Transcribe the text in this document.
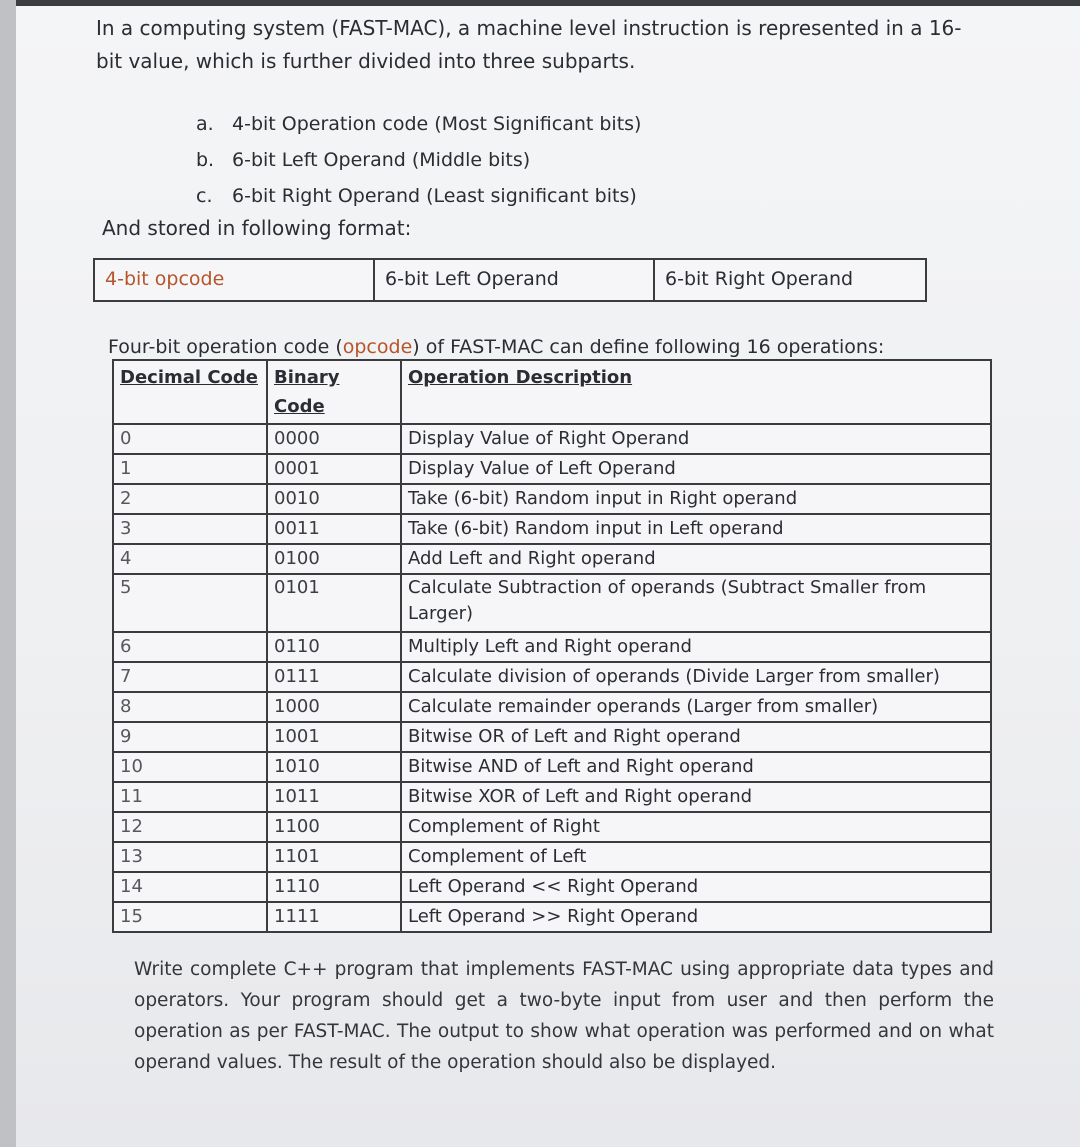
In a computing system (FAST-MAC), a machine level instruction is represented in a 16-bit value, which is further divided into three subparts.
a. 4-bit Operation code (Most Significant bits)
b. 6-bit Left Operand (Middle bits)
c. 6-bit Right Operand (Least significant bits)
And stored in following format:
4-bit opcode	6-bit Left Operand	6-bit Right Operand
Four-bit operation code (opcode) of FAST-MAC can define following 16 operations:
Decimal Code	Binary Code	Operation Description
0	0000	Display Value of Right Operand
1	0001	Display Value of Left Operand
2	0010	Take (6-bit) Random input in Right operand
3	0011	Take (6-bit) Random input in Left operand
4	0100	Add Left and Right operand
5	0101	Calculate Subtraction of operands (Subtract Smaller from Larger)
6	0110	Multiply Left and Right operand
7	0111	Calculate division of operands (Divide Larger from smaller)
8	1000	Calculate remainder operands (Larger from smaller)
9	1001	Bitwise OR of Left and Right operand
10	1010	Bitwise AND of Left and Right operand
11	1011	Bitwise XOR of Left and Right operand
12	1100	Complement of Right
13	1101	Complement of Left
14	1110	Left Operand << Right Operand
15	1111	Left Operand >> Right Operand
Write complete C++ program that implements FAST-MAC using appropriate data types and operators. Your program should get a two-byte input from user and then perform the operation as per FAST-MAC. The output to show what operation was performed and on what operand values. The result of the operation should also be displayed.
